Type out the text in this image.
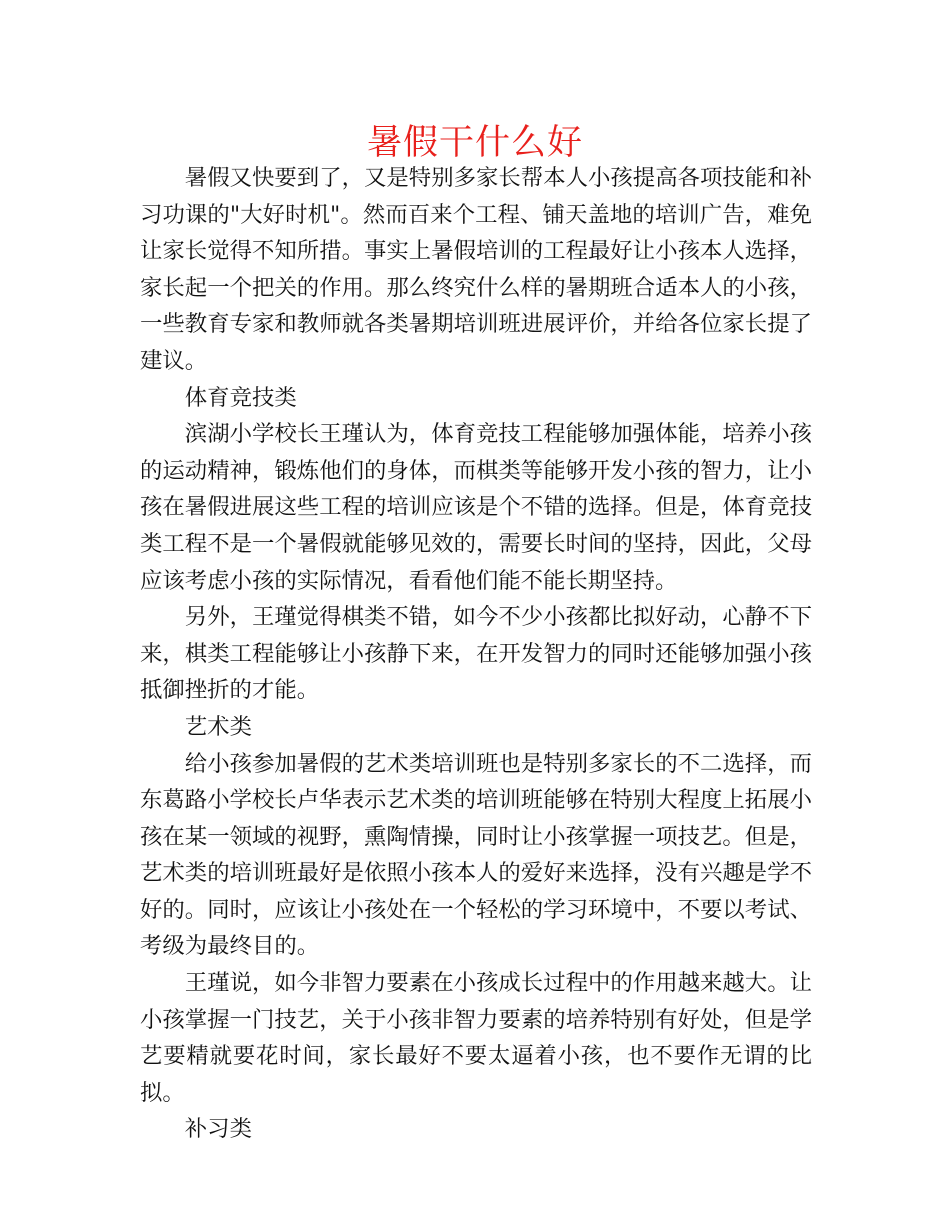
暑假干什么好

暑假又快要到了，又是特别多家长帮本人小孩提高各项技能和补习功课的"大好时机"。然而百来个工程、铺天盖地的培训广告，难免让家长觉得不知所措。事实上暑假培训的工程最好让小孩本人选择，家长起一个把关的作用。那么终究什么样的暑期班合适本人的小孩，一些教育专家和教师就各类暑期培训班进展评价，并给各位家长提了建议。

体育竞技类

滨湖小学校长王瑾认为，体育竞技工程能够加强体能，培养小孩的运动精神，锻炼他们的身体，而棋类等能够开发小孩的智力，让小孩在暑假进展这些工程的培训应该是个不错的选择。但是，体育竞技类工程不是一个暑假就能够见效的，需要长时间的坚持，因此，父母应该考虑小孩的实际情况，看看他们能不能长期坚持。

另外，王瑾觉得棋类不错，如今不少小孩都比拟好动，心静不下来，棋类工程能够让小孩静下来，在开发智力的同时还能够加强小孩抵御挫折的才能。

艺术类

给小孩参加暑假的艺术类培训班也是特别多家长的不二选择，而东葛路小学校长卢华表示艺术类的培训班能够在特别大程度上拓展小孩在某一领域的视野，熏陶情操，同时让小孩掌握一项技艺。但是，艺术类的培训班最好是依照小孩本人的爱好来选择，没有兴趣是学不好的。同时，应该让小孩处在一个轻松的学习环境中，不要以考试、考级为最终目的。

王瑾说，如今非智力要素在小孩成长过程中的作用越来越大。让小孩掌握一门技艺，关于小孩非智力要素的培养特别有好处，但是学艺要精就要花时间，家长最好不要太逼着小孩，也不要作无谓的比拟。

补习类
